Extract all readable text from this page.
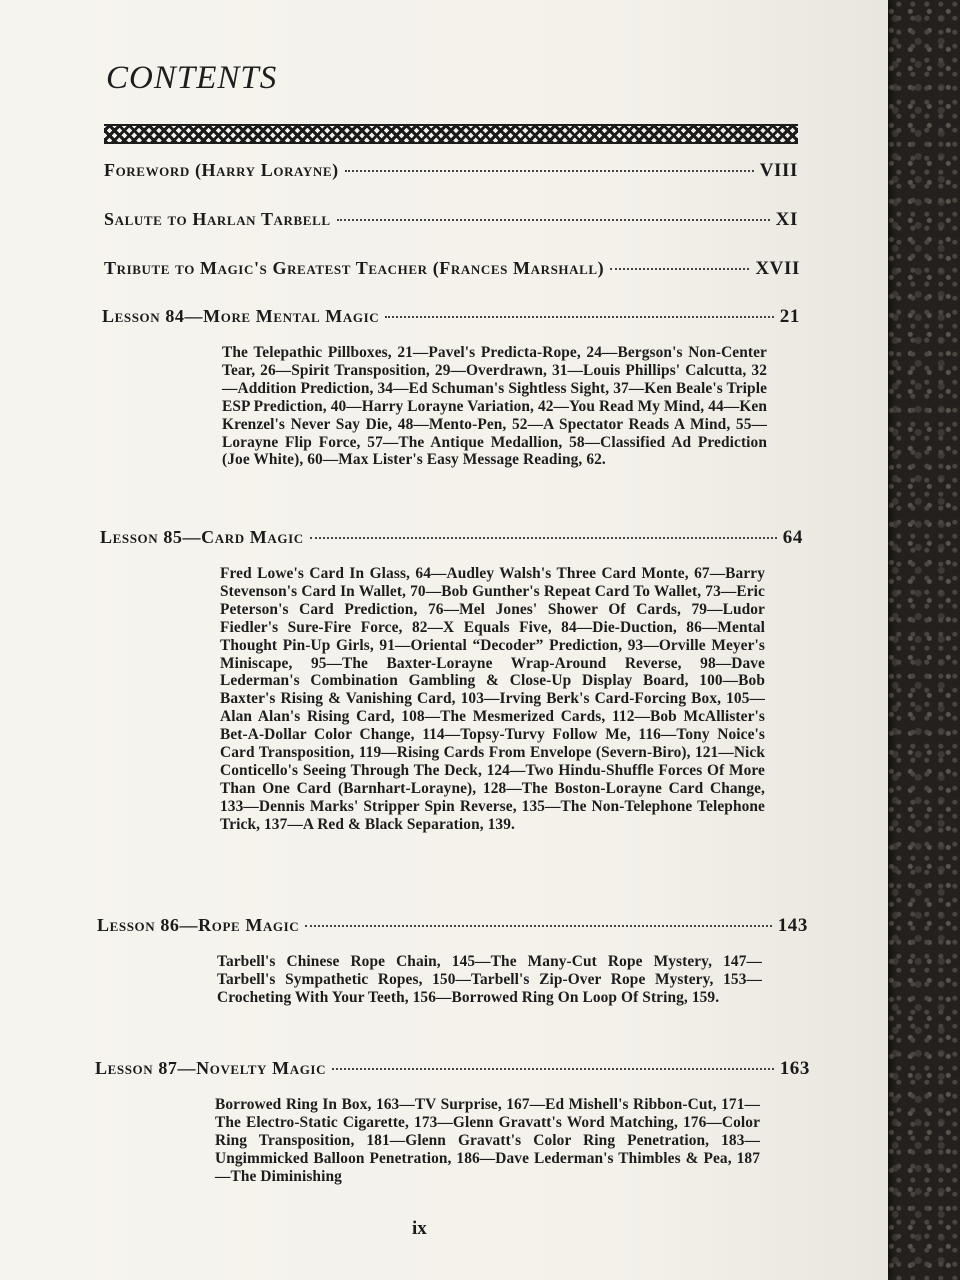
CONTENTS
Foreword (Harry Lorayne)	VIII
Salute to Harlan Tarbell	XI
Tribute to Magic's Greatest Teacher (Frances Marshall)	XVII
Lesson 84—More Mental Magic	21
The Telepathic Pillboxes, 21—Pavel's Predicta-Rope, 24—Bergson's Non-Center Tear, 26—Spirit Transposition, 29—Overdrawn, 31—Louis Phillips' Calcutta, 32—Addition Prediction, 34—Ed Schuman's Sightless Sight, 37—Ken Beale's Triple ESP Prediction, 40—Harry Lorayne Variation, 42—You Read My Mind, 44—Ken Krenzel's Never Say Die, 48—Mento-Pen, 52—A Spectator Reads A Mind, 55—Lorayne Flip Force, 57—The Antique Medallion, 58—Classified Ad Prediction (Joe White), 60—Max Lister's Easy Message Reading, 62.
Lesson 85—Card Magic	64
Fred Lowe's Card In Glass, 64—Audley Walsh's Three Card Monte, 67—Barry Stevenson's Card In Wallet, 70—Bob Gunther's Repeat Card To Wallet, 73—Eric Peterson's Card Prediction, 76—Mel Jones' Shower Of Cards, 79—Ludor Fiedler's Sure-Fire Force, 82—X Equals Five, 84—Die-Duction, 86—Mental Thought Pin-Up Girls, 91—Oriental “Decoder” Prediction, 93—Orville Meyer's Miniscape, 95—The Baxter-Lorayne Wrap-Around Reverse, 98—Dave Lederman's Combination Gambling & Close-Up Display Board, 100—Bob Baxter's Rising & Vanishing Card, 103—Irving Berk's Card-Forcing Box, 105—Alan Alan's Rising Card, 108—The Mesmerized Cards, 112—Bob McAllister's Bet-A-Dollar Color Change, 114—Topsy-Turvy Follow Me, 116—Tony Noice's Card Transposition, 119—Rising Cards From Envelope (Severn-Biro), 121—Nick Conticello's Seeing Through The Deck, 124—Two Hindu-Shuffle Forces Of More Than One Card (Barnhart-Lorayne), 128—The Boston-Lorayne Card Change, 133—Dennis Marks' Stripper Spin Reverse, 135—The Non-Telephone Telephone Trick, 137—A Red & Black Separation, 139.
Lesson 86—Rope Magic	143
Tarbell's Chinese Rope Chain, 145—The Many-Cut Rope Mystery, 147—Tarbell's Sympathetic Ropes, 150—Tarbell's Zip-Over Rope Mystery, 153—Crocheting With Your Teeth, 156—Borrowed Ring On Loop Of String, 159.
Lesson 87—Novelty Magic	163
Borrowed Ring In Box, 163—TV Surprise, 167—Ed Mishell's Ribbon-Cut, 171—The Electro-Static Cigarette, 173—Glenn Gravatt's Word Matching, 176—Color Ring Transposition, 181—Glenn Gravatt's Color Ring Penetration, 183—Ungimmicked Balloon Penetration, 186—Dave Lederman's Thimbles & Pea, 187—The Diminishing
ix
